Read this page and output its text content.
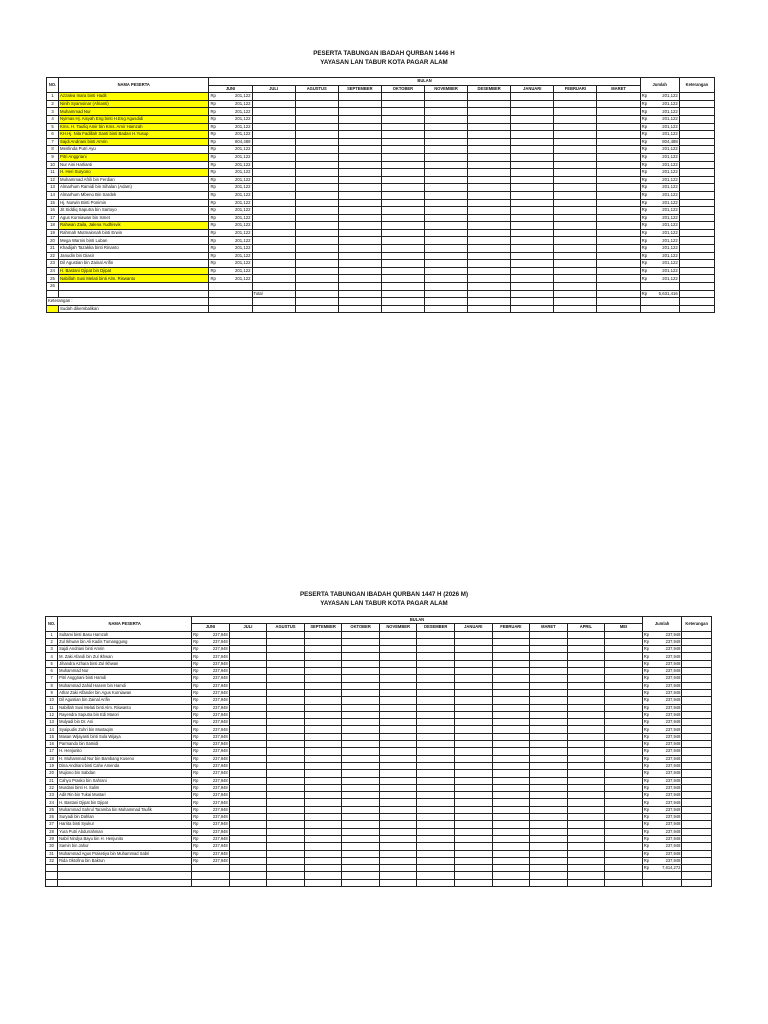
PESERTA TABUNGAN IBADAH QURBAN 1446 H
YAYASAN LAN TABUR KOTA PAGAR ALAM
NO.	NAMA PESERTA	BULAN										Jumlah	Keterangan
		JUNI	JULI	AGUSTUS	SEPTEMBER	OKTOBER	NOVEMBER	DESEMBER	JANUARI	FEBRUARI	MARET		
1	Azzalea Inara binti Hadit	Rp 201,122										Rp 201,122	

2	Ninih Syamsinar (Afrianti)	Rp 201,122										Rp 201,122	

3	Muhammad Nur	Rp 201,122										Rp 201,122	

4	Nyimas Hj. Aisyah Eng binti H.Eng Agusdidi	Rp 201,122										Rp 201,122	

5	Kms. H. Taufiq Amir bin Kms. Amir Hamzah	Rp 201,122										Rp 201,122	

6	KH.Hj. Nila Fadillah Santi binti Badan H.Yusup	Rp 201,122										Rp 201,122	

7	Sajdi Andriani binti Amrin	Rp 804,488										Rp 804,488	

8	Meirlinda Putri Ayu	Rp 201,122										Rp 201,122	

9	Pitri Anggriani	Rp 201,122										Rp 201,122	

10	Nur Aini Harlianti	Rp 201,122										Rp 201,122	

11	H. Heri Suryono	Rp 201,122										Rp 201,122	

12	Muhammad Afrili bin Ferdian	Rp 201,122										Rp 201,122	

13	Almarhum Ramidi bin Sihalan (Adam)	Rp 201,122										Rp 201,122	

14	Almarhum Mbeno Bin Sardek	Rp 201,122										Rp 201,122	

15	Hj. Nurwin Binti Ponimin	Rp 201,122										Rp 201,122	

16	Jit Siddiq Saputra bin Sartoyo	Rp 201,122										Rp 201,122	

17	Agus Kurniawan bin Ismet	Rp 201,122										Rp 201,122	

18	Rahwan Zaila, Jalena Yudhisvik	Rp 201,122										Rp 201,122	

19	Rahmah Mutmainnah binti Erwin	Rp 201,122										Rp 201,122	

20	Mega Warnis binti Luban	Rp 201,122										Rp 201,122	

21	Khadijah Tazakka binti Rinanto	Rp 201,122										Rp 201,122	

22	Janudin bin Diasir	Rp 201,122										Rp 201,122	

23	Dil Agustian bin Zainal Arifin	Rp 201,122										Rp 201,122	

24	H. Bastani Djipat bin Djipat	Rp 201,122										Rp 201,122	

25	Nabillah Susi Melati binti Alm. Riswanto	Rp 201,122										Rp 201,122	

26													
			Total									Rp 5,631,416	

Keterangan :													
	Sudah dikembalikan												
PESERTA TABUNGAN IBADAH QURBAN 1447 H (2026 M)
YAYASAN LAN TABUR KOTA PAGAR ALAM
NO.	NAMA PESERTA	BULAN												Jumlah	Keterangan
		JUNI	JULI	AGUSTUS	SEPTEMBER	OKTOBER	NOVEMBER	DESEMBER	JANUARI	FEBRUARI	MARET	APRIL	MEI		
1	Sultami binti Basu Hamzah	Rp 237,948												Rp 237,948	

2	Zul Ikhwan bin Ali Kadis Tumanggung	Rp 237,948												Rp 237,948	

3	Sajdi Andriani binti Amrin	Rp 237,948												Rp 237,948	

4	M. Zaki Afandi bin Zul Ikhwan	Rp 237,948												Rp 237,948	

5	Jihandra Azhara binti Zul Ikhwan	Rp 237,948												Rp 237,948	

6	Muhammad Nur	Rp 237,948												Rp 237,948	

7	Pitri Anggriani binti Hamdi	Rp 237,948												Rp 237,948	

8	Muhammad Zahid Hasem bin Hamdi	Rp 237,948												Rp 237,948	

9	Athar Zaki Alfander bin Agus Kurniawan	Rp 237,948												Rp 237,948	

10	Dil Agustian bin Zainal Arifin	Rp 237,948												Rp 237,948	

11	Nabillah Susi Melati binti Alm. Riswanto	Rp 237,948												Rp 237,948	

12	Rayendra Saputra bin Edi Marori	Rp 237,948												Rp 237,948	

13	Mulyadi bin Dr. Ani	Rp 237,948												Rp 237,948	

14	Syaipudin Zuhri bin Mustaqim	Rp 237,948												Rp 237,948	

15	Masan Wijayanti binti Sula Wijaya	Rp 237,948												Rp 237,948	

16	Parmando bin Samidi	Rp 237,948												Rp 237,948	

17	H. Henjunito	Rp 237,948												Rp 237,948	

18	H. Muhammad Nur bin Bambang Kuseno	Rp 237,948												Rp 237,948	

19	Dina Andriani binti Cahe Amenda	Rp 237,948												Rp 237,948	

20	Mujiono bin Sabdan	Rp 237,948												Rp 237,948	

21	Cahyo Prasko bin Sahrani	Rp 237,948												Rp 237,948	

22	Murdani binti H. Salim	Rp 237,948												Rp 237,948	

23	Adit Rin bin Tukai Mustari	Rp 237,948												Rp 237,948	

24	H. Bastani Djipat bin Djipat	Rp 237,948												Rp 237,948	

25	Muhammad Sahrul Taramba bin Muhammad Taufik	Rp 237,948												Rp 237,948	

26	Suryadi bin Dahlan	Rp 237,948												Rp 237,948	

27	Harrita binti Syukur	Rp 237,948												Rp 237,948	

28	Yura Putri Abdurrahman	Rp 237,948												Rp 237,948	

29	Nabil Nindya Bayu bin H. Henjunito	Rp 237,948												Rp 237,948	

30	Samin bin Jahur	Rp 237,948												Rp 237,948	

31	Muhammad Agus Prasetiya bin Muhammad Sabri	Rp 237,948												Rp 237,948	

32	Rida Oktofina bin Bakrun	Rp 237,948												Rp 237,948	

														Rp 7,614,272	
